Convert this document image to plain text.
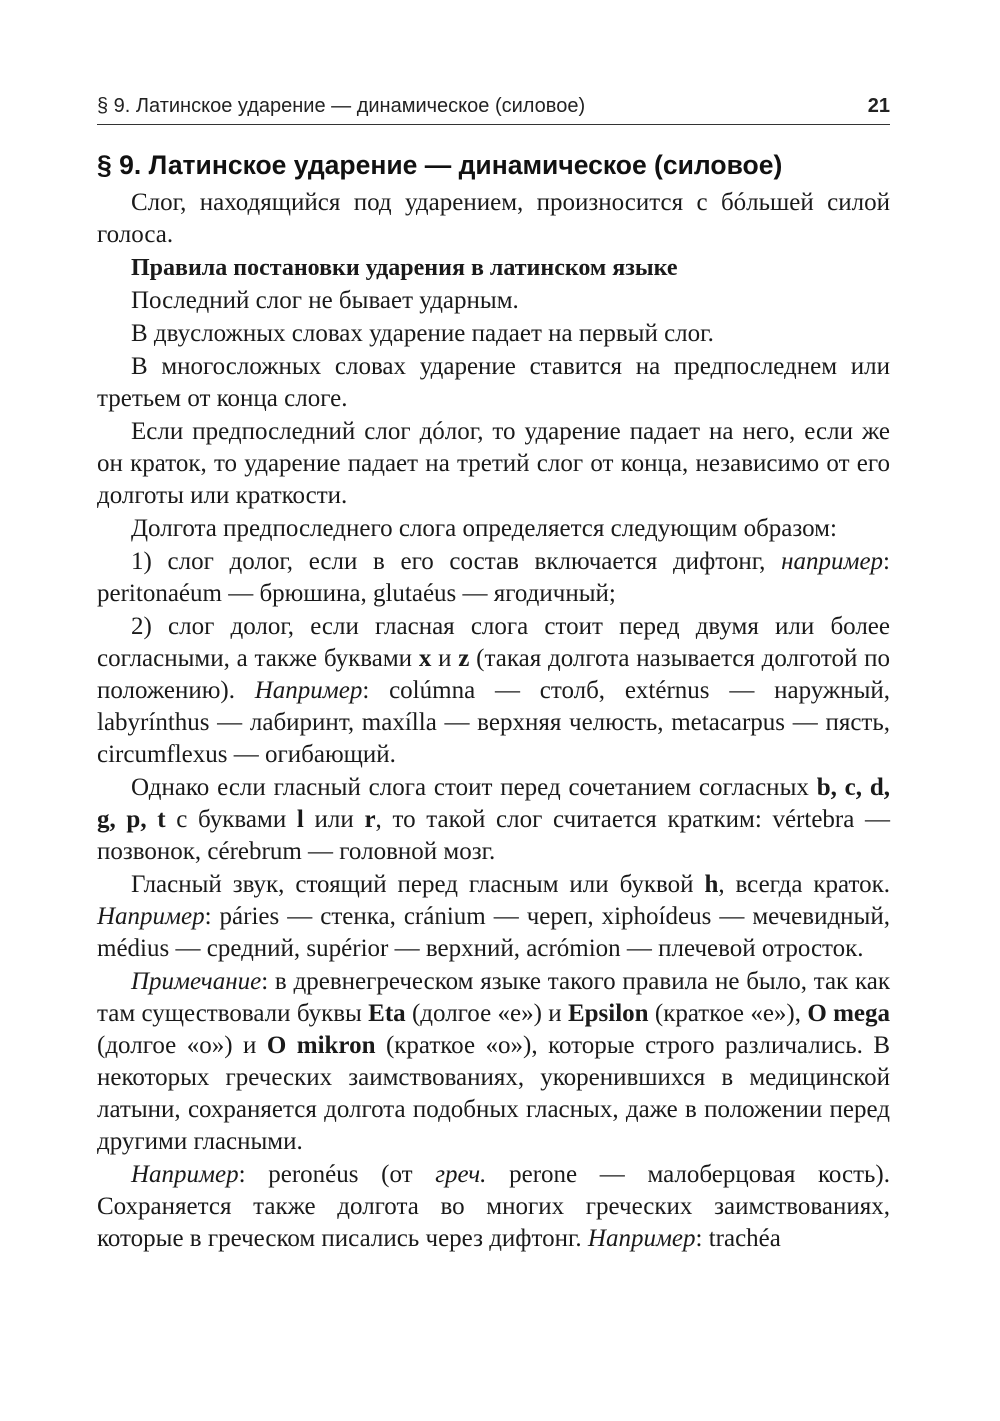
§ 9. Латинское ударение — динамическое (силовое)	21
§ 9. Латинское ударение — динамическое (силовое)

Слог, находящийся под ударением, произносится с бóльшей силой голоса.

Правила постановки ударения в латинском языке

Последний слог не бывает ударным.

В двусложных словах ударение падает на первый слог.

В многосложных словах ударение ставится на предпоследнем или третьем от конца слоге.

Если предпоследний слог дóлог, то ударение падает на него, если же он краток, то ударение падает на третий слог от конца, независимо от его долготы или краткости.

Долгота предпоследнего слога определяется следующим образом:

1) слог долог, если в его состав включается дифтонг, например: peritonaéum — брюшина, glutaéus — ягодичный;

2) слог долог, если гласная слога стоит перед двумя или более согласными, а также буквами x и z (такая долгота называется долготой по положению). Например: colúmna — столб, extérnus — наружный, labyrínthus — лабиринт, maxílla — верхняя челюсть, metacarpus — пясть, circumflexus — огибающий.

Однако если гласный слога стоит перед сочетанием согласных b, c, d, g, p, t с буквами l или r, то такой слог считается кратким: vértebra — позвонок, cérebrum — головной мозг.

Гласный звук, стоящий перед гласным или буквой h, всегда краток. Например: páries — стенка, cránium — череп, xiphoídeus — мечевидный, médius — средний, supérior — верхний, acrómion — плечевой отросток.

Примечание: в древнегреческом языке такого правила не было, так как там существовали буквы Eta (долгое «е») и Epsilon (краткое «е»), O mega (долгое «о») и O mikron (краткое «о»), которые строго различались. В некоторых греческих заимствованиях, укоренившихся в медицинской латыни, сохраняется долгота подобных гласных, даже в положении перед другими гласными.

Например: peronéus (от греч. perone — малоберцовая кость). Сохраняется также долгота во многих греческих заимствованиях, которые в греческом писались через дифтонг. Например: trachéa
